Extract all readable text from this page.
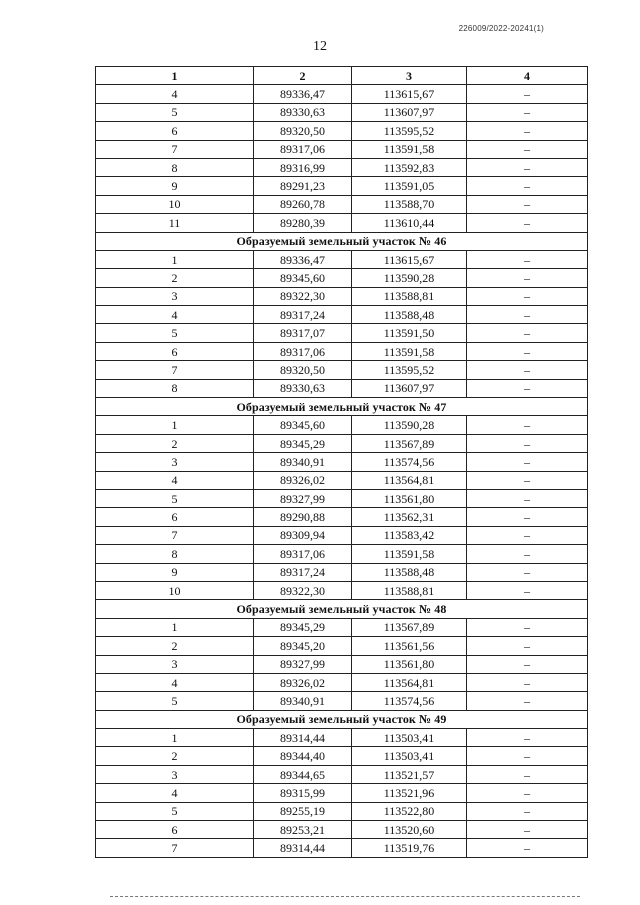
226009/2022-20241(1)
12
1	2	3	4
4	89336,47	113615,67	–
5	89330,63	113607,97	–
6	89320,50	113595,52	–
7	89317,06	113591,58	–
8	89316,99	113592,83	–
9	89291,23	113591,05	–
10	89260,78	113588,70	–
11	89280,39	113610,44	–
Образуемый земельный участок № 46			
1	89336,47	113615,67	–
2	89345,60	113590,28	–
3	89322,30	113588,81	–
4	89317,24	113588,48	–
5	89317,07	113591,50	–
6	89317,06	113591,58	–
7	89320,50	113595,52	–
8	89330,63	113607,97	–
Образуемый земельный участок № 47			
1	89345,60	113590,28	–
2	89345,29	113567,89	–
3	89340,91	113574,56	–
4	89326,02	113564,81	–
5	89327,99	113561,80	–
6	89290,88	113562,31	–
7	89309,94	113583,42	–
8	89317,06	113591,58	–
9	89317,24	113588,48	–
10	89322,30	113588,81	–
Образуемый земельный участок № 48			
1	89345,29	113567,89	–
2	89345,20	113561,56	–
3	89327,99	113561,80	–
4	89326,02	113564,81	–
5	89340,91	113574,56	–
Образуемый земельный участок № 49			
1	89314,44	113503,41	–
2	89344,40	113503,41	–
3	89344,65	113521,57	–
4	89315,99	113521,96	–
5	89255,19	113522,80	–
6	89253,21	113520,60	–
7	89314,44	113519,76	–
